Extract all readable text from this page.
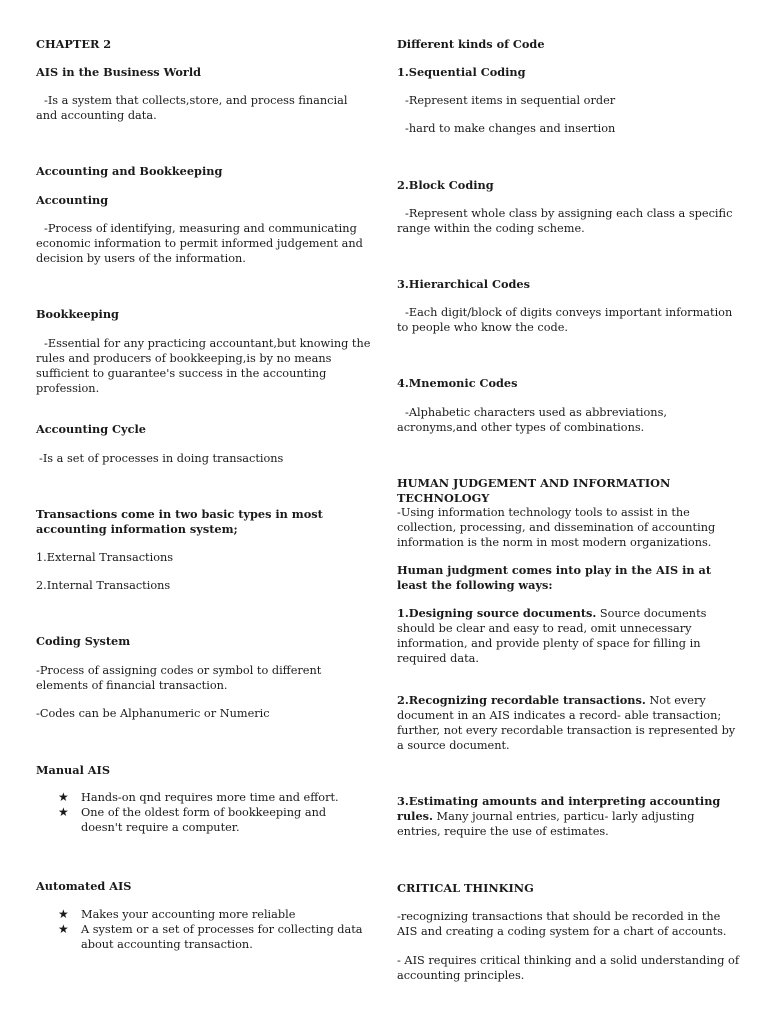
CHAPTER 2

AIS in the Business World

-Is a system that collects,store, and process financial and accounting data.

Accounting and Bookkeeping

Accounting

-Process of identifying, measuring and communicating economic information to permit informed judgement and decision by users of the information.

Bookkeeping

-Essential for any practicing accountant,but knowing the rules and producers of bookkeeping,is by no means sufficient to guarantee's success in the accounting profession.

Accounting Cycle

-Is a set of processes in doing transactions

Transactions come in two basic types in most accounting information system;

1.External Transactions

2.Internal Transactions

Coding System

-Process of assigning codes or symbol to different elements of financial transaction.

-Codes can be Alphanumeric or Numeric

Manual AIS

★ Hands-on qnd requires more time and effort.
★ One of the oldest form of bookkeeping and doesn't require a computer.

Automated AIS

★ Makes your accounting more reliable
★ A system or a set of processes for collecting data about accounting transaction.

Different kinds of Code

1.Sequential Coding

-Represent items in sequential order

-hard to make changes and insertion

2.Block Coding

-Represent whole class by assigning each class a specific range within the coding scheme.

3.Hierarchical Codes

-Each digit/block of digits conveys important information to people who know the code.

4.Mnemonic Codes

-Alphabetic characters used as abbreviations, acronyms,and other types of combinations.

HUMAN JUDGEMENT AND INFORMATION TECHNOLOGY

-Using information technology tools to assist in the collection, processing, and dissemination of accounting information is the norm in most modern organizations.

Human judgment comes into play in the AIS in at least the following ways:

1.Designing source documents. Source documents should be clear and easy to read, omit unnecessary information, and provide plenty of space for filling in required data.

2.Recognizing recordable transactions. Not every document in an AIS indicates a record- able transaction; further, not every recordable transaction is represented by a source document.

3.Estimating amounts and interpreting accounting rules. Many journal entries, particu- larly adjusting entries, require the use of estimates.

CRITICAL THINKING

-recognizing transactions that should be recorded in the AIS and creating a coding system for a chart of accounts.

- AIS requires critical thinking and a solid understanding of accounting principles.
